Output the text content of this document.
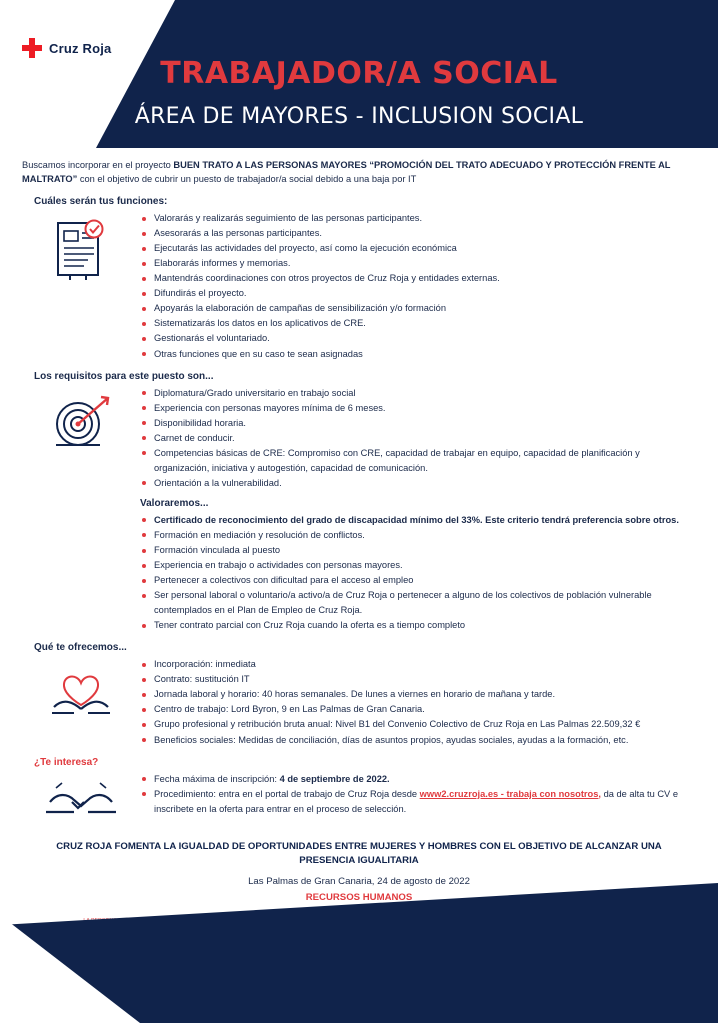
Cruz Roja
TRABAJADOR/A SOCIAL
ÁREA DE MAYORES - INCLUSION SOCIAL

Buscamos incorporar en el proyecto BUEN TRATO A LAS PERSONAS MAYORES “PROMOCIÓN DEL TRATO ADECUADO Y PROTECCIÓN FRENTE AL MALTRATO” con el objetivo de cubrir un puesto de trabajador/a social debido a una baja por IT

Cuáles serán tus funciones:
Valorarás y realizarás seguimiento de las personas participantes.
Asesorarás a las personas participantes.
Ejecutarás las actividades del proyecto, así como la ejecución económica
Elaborarás informes y memorias.
Mantendrás coordinaciones con otros proyectos de Cruz Roja y entidades externas.
Difundirás el proyecto.
Apoyarás la elaboración de campañas de sensibilización y/o formación
Sistematizarás los datos en los aplicativos de CRE.
Gestionarás el voluntariado.
Otras funciones que en su caso te sean asignadas
Los requisitos para este puesto son...
Diplomatura/Grado universitario en trabajo social
Experiencia con personas mayores mínima de 6 meses.
Disponibilidad horaria.
Carnet de conducir.
Competencias básicas de CRE: Compromiso con CRE, capacidad de trabajar en equipo, capacidad de planificación y organización, iniciativa y autogestión, capacidad de comunicación.
Orientación a la vulnerabilidad.
Valoraremos...
Certificado de reconocimiento del grado de discapacidad mínimo del 33%. Este criterio tendrá preferencia sobre otros.
Formación en mediación y resolución de conflictos.
Formación vinculada al puesto
Experiencia en trabajo o actividades con personas mayores.
Pertenecer a colectivos con dificultad para el acceso al empleo
Ser personal laboral o voluntario/a activo/a de Cruz Roja o pertenecer a alguno de los colectivos de población vulnerable contemplados en el Plan de Empleo de Cruz Roja.
Tener contrato parcial con Cruz Roja cuando la oferta es a tiempo completo
Qué te ofrecemos...
Incorporación: inmediata
Contrato: sustitución IT
Jornada laboral y horario: 40 horas semanales. De lunes a viernes en horario de mañana y tarde.
Centro de trabajo: Lord Byron, 9 en Las Palmas de Gran Canaria.
Grupo profesional y retribución bruta anual: Nivel B1 del Convenio Colectivo de Cruz Roja en Las Palmas 22.509,32 €
Beneficios sociales: Medidas de conciliación, días de asuntos propios, ayudas sociales, ayudas a la formación, etc.
¿Te interesa?
Fecha máxima de inscripción: 4 de septiembre de 2022.
Procedimiento: entra en el portal de trabajo de Cruz Roja desde www2.cruzroja.es - trabaja con nosotros, da de alta tu CV e inscribete en la oferta para entrar en el proceso de selección.
CRUZ ROJA FOMENTA LA IGUALDAD DE OPORTUNIDADES ENTRE MUJERES Y HOMBRES CON EL OBJETIVO DE ALCANZAR UNA PRESENCIA IGUALITARIA
Las Palmas de Gran Canaria, 24 de agosto de 2022
RECURSOS HUMANOS
